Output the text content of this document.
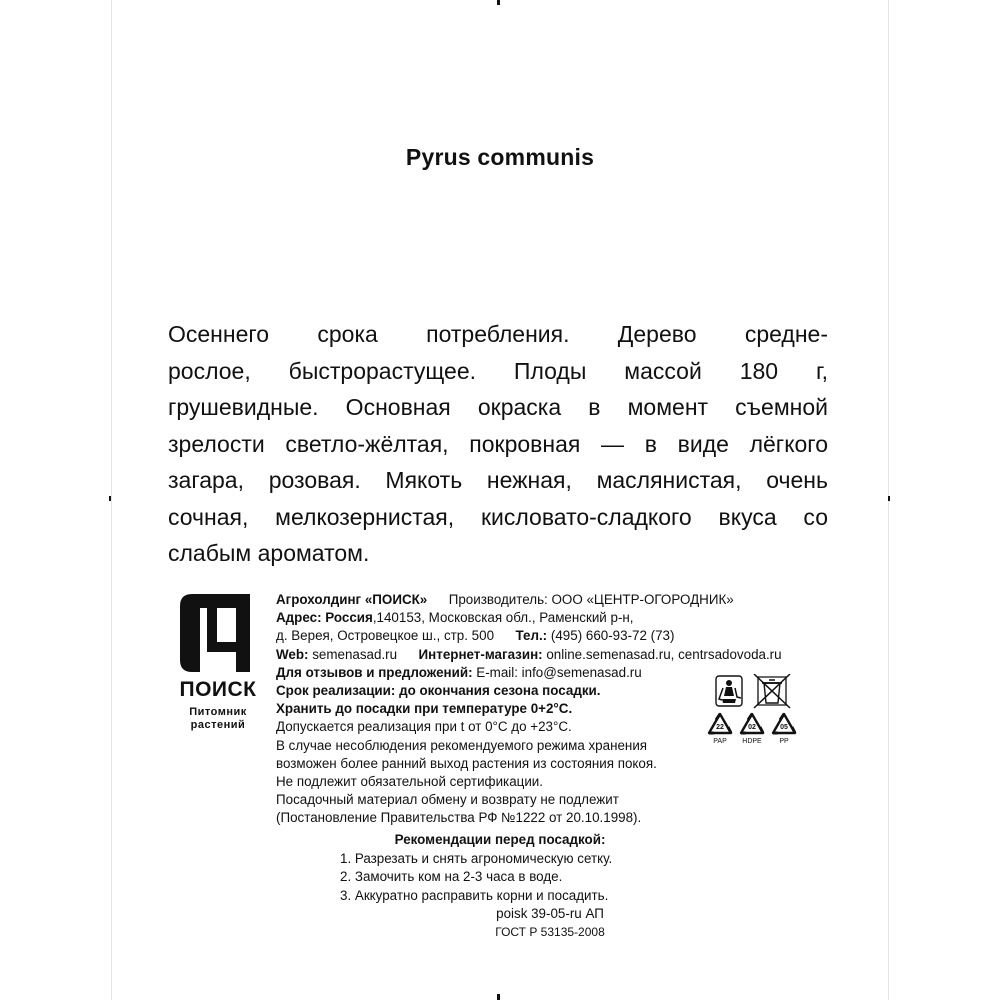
Pyrus communis
Осеннего срока потребления. Дерево средне-
рослое, быстрорастущее. Плоды массой 180 г,
грушевидные. Основная окраска в момент съемной
зрелости светло-жёлтая, покровная — в виде лёгкого
загара, розовая. Мякоть нежная, маслянистая, очень
сочная, мелкозернистая, кисловато-сладкого вкуса со
слабым ароматом.
ПОИСК
Питомник
растений
Агрохолдинг «ПОИСК» Производитель: ООО «ЦЕНТР-ОГОРОДНИК»
Адрес: Россия,140153, Московская обл., Раменский р-н,
д. Верея, Островецкое ш., стр. 500 Тел.: (495) 660-93-72 (73)
Web: semenasad.ru Интернет-магазин: online.semenasad.ru, centrsadovoda.ru
Для отзывов и предложений: E-mail: info@semenasad.ru
Срок реализации: до окончания сезона посадки.
Хранить до посадки при температуре 0+2°C.
Допускается реализация при t от 0°C до +23°C.
В случае несоблюдения рекомендуемого режима хранения
возможен более ранний выход растения из состояния покоя.
Не подлежит обязательной сертификации.
Посадочный материал обмену и возврату не подлежит
(Постановление Правительства РФ №1222 от 20.10.1998).
22
PAP
02
HDPE
05
PP
Рекомендации перед посадкой:
1. Разрезать и снять агрономическую сетку.
2. Замочить ком на 2-3 часа в воде.
3. Аккуратно расправить корни и посадить.
poisk 39-05-ru АП
ГОСТ Р 53135-2008
